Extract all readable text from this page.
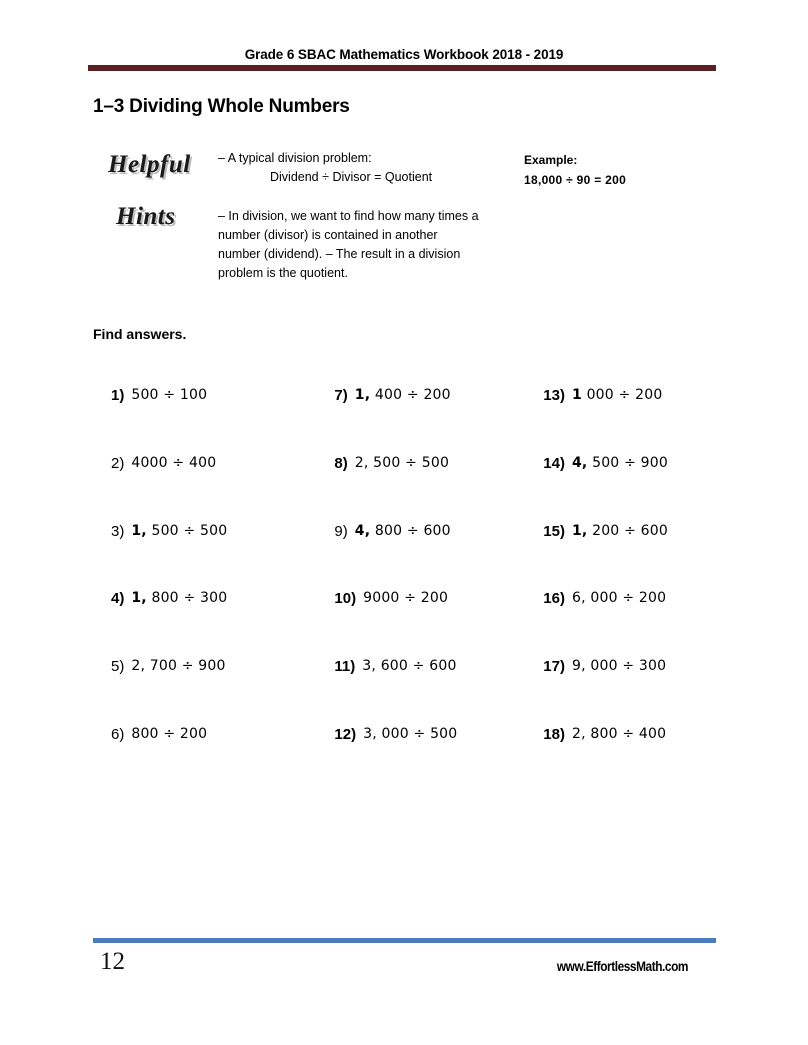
Grade 6 SBAC Mathematics Workbook 2018 - 2019
1–3 Dividing Whole Numbers
Helpful
Hints
– A typical division problem:
Dividend ÷ Divisor = Quotient
– In division, we want to find how many times a number (divisor) is contained in another number (dividend). – The result in a division problem is the quotient.
Example:
18,000 ÷ 90 = 200
Find answers.
1) 500 ÷ 100	7) 1, 400 ÷ 200	13) 1 000 ÷ 200
2) 4000 ÷ 400	8) 2, 500 ÷ 500	14) 4, 500 ÷ 900
3) 1, 500 ÷ 500	9) 4, 800 ÷ 600	15) 1, 200 ÷ 600
4) 1, 800 ÷ 300	10) 9000 ÷ 200	16) 6, 000 ÷ 200
5) 2, 700 ÷ 900	11) 3, 600 ÷ 600	17) 9, 000 ÷ 300
6) 800 ÷ 200	12) 3, 000 ÷ 500	18) 2, 800 ÷ 400
12	www.EffortlessMath.com
